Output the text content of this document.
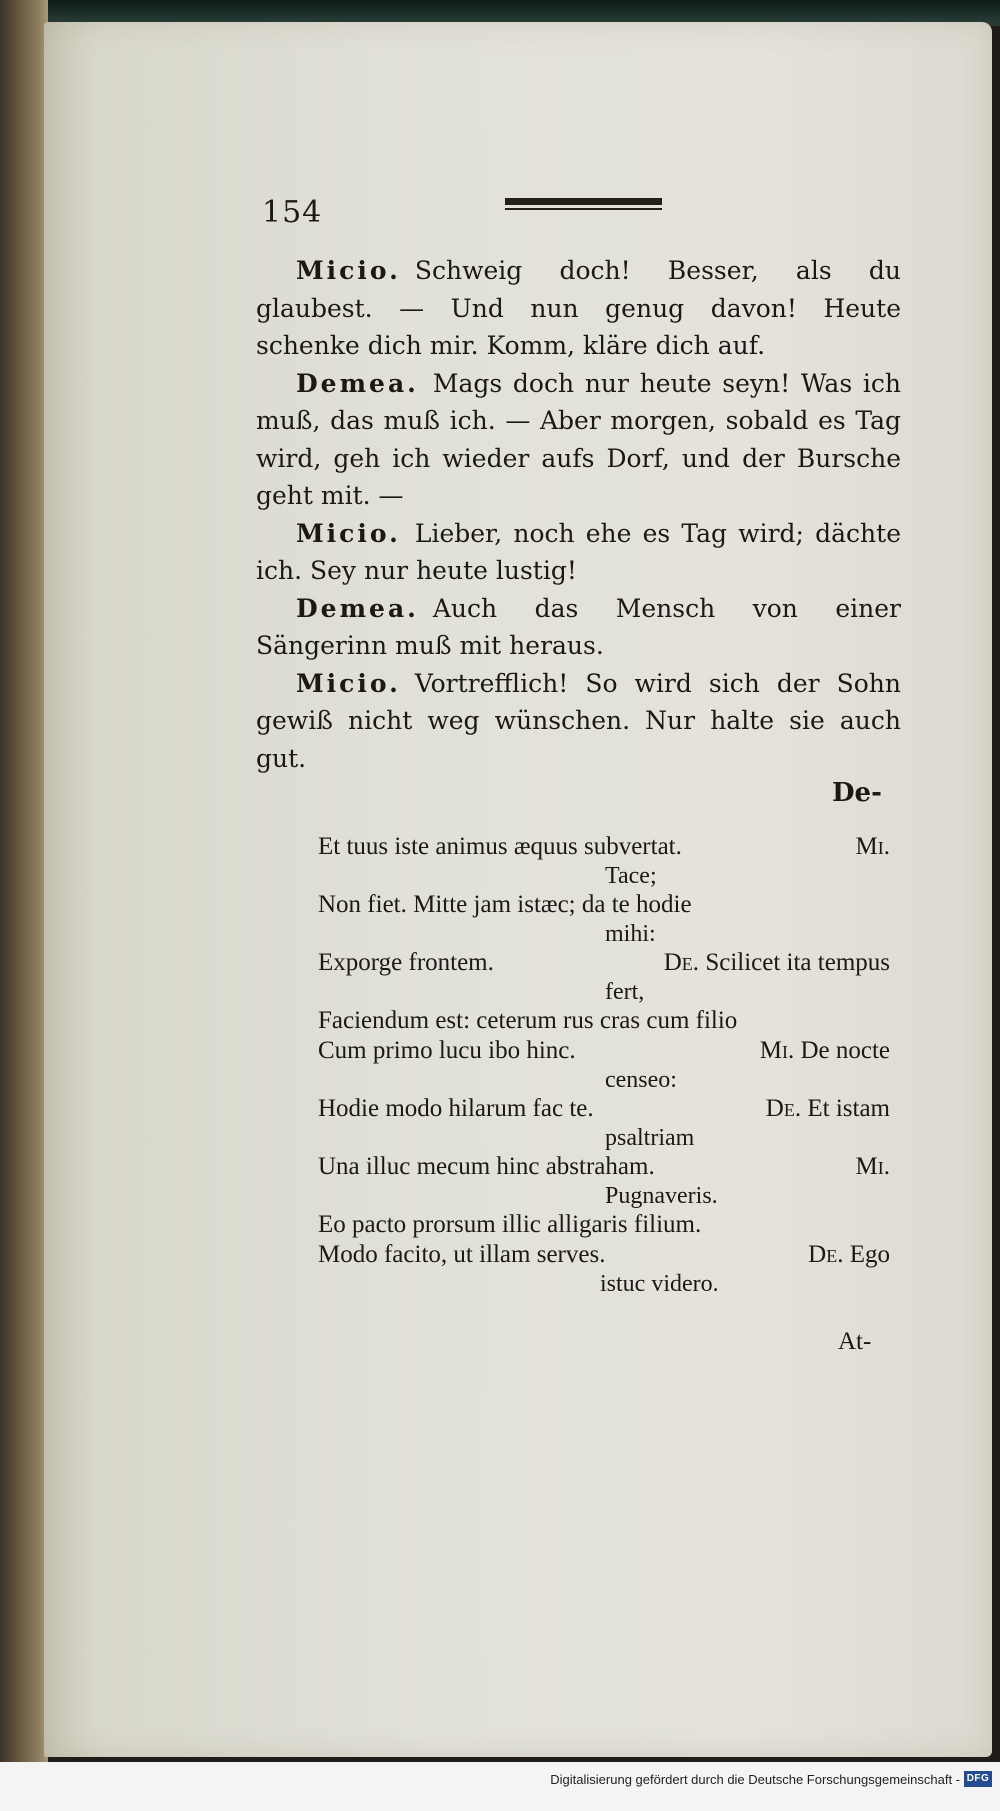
154

Micio. Schweig doch! Besser, als du glaubest. — Und nun genug davon! Heute schenke dich mir. Komm, kläre dich auf.

Demea. Mags doch nur heute seyn! Was ich muß, das muß ich. — Aber morgen, sobald es Tag wird, geh ich wieder aufs Dorf, und der Bursche geht mit. —

Micio. Lieber, noch ehe es Tag wird; dächte ich. Sey nur heute lustig!

Demea. Auch das Mensch von einer Sängerinn muß mit heraus.

Micio. Vortrefflich! So wird sich der Sohn gewiß nicht weg wünschen. Nur halte sie auch gut.

De-
Et tuus iste animus æquus subvertat.	Mi.
Tace;
Non fiet. Mitte jam istæc; da te hodie
mihi:
Exporge frontem.	De. Scilicet ita tempus
fert,
Faciendum est: ceterum rus cras cum filio
Cum primo lucu ibo hinc.	Mi. De nocte
censeo:
Hodie modo hilarum fac te.	De. Et istam
psaltriam
Una illuc mecum hinc abstraham.	Mi.
Pugnaveris.
Eo pacto prorsum illic alligaris filium.
Modo facito, ut illam serves.	De. Ego
istuc videro.
At-
Digitalisierung gefördert durch die Deutsche Forschungsgemeinschaft - DFG
